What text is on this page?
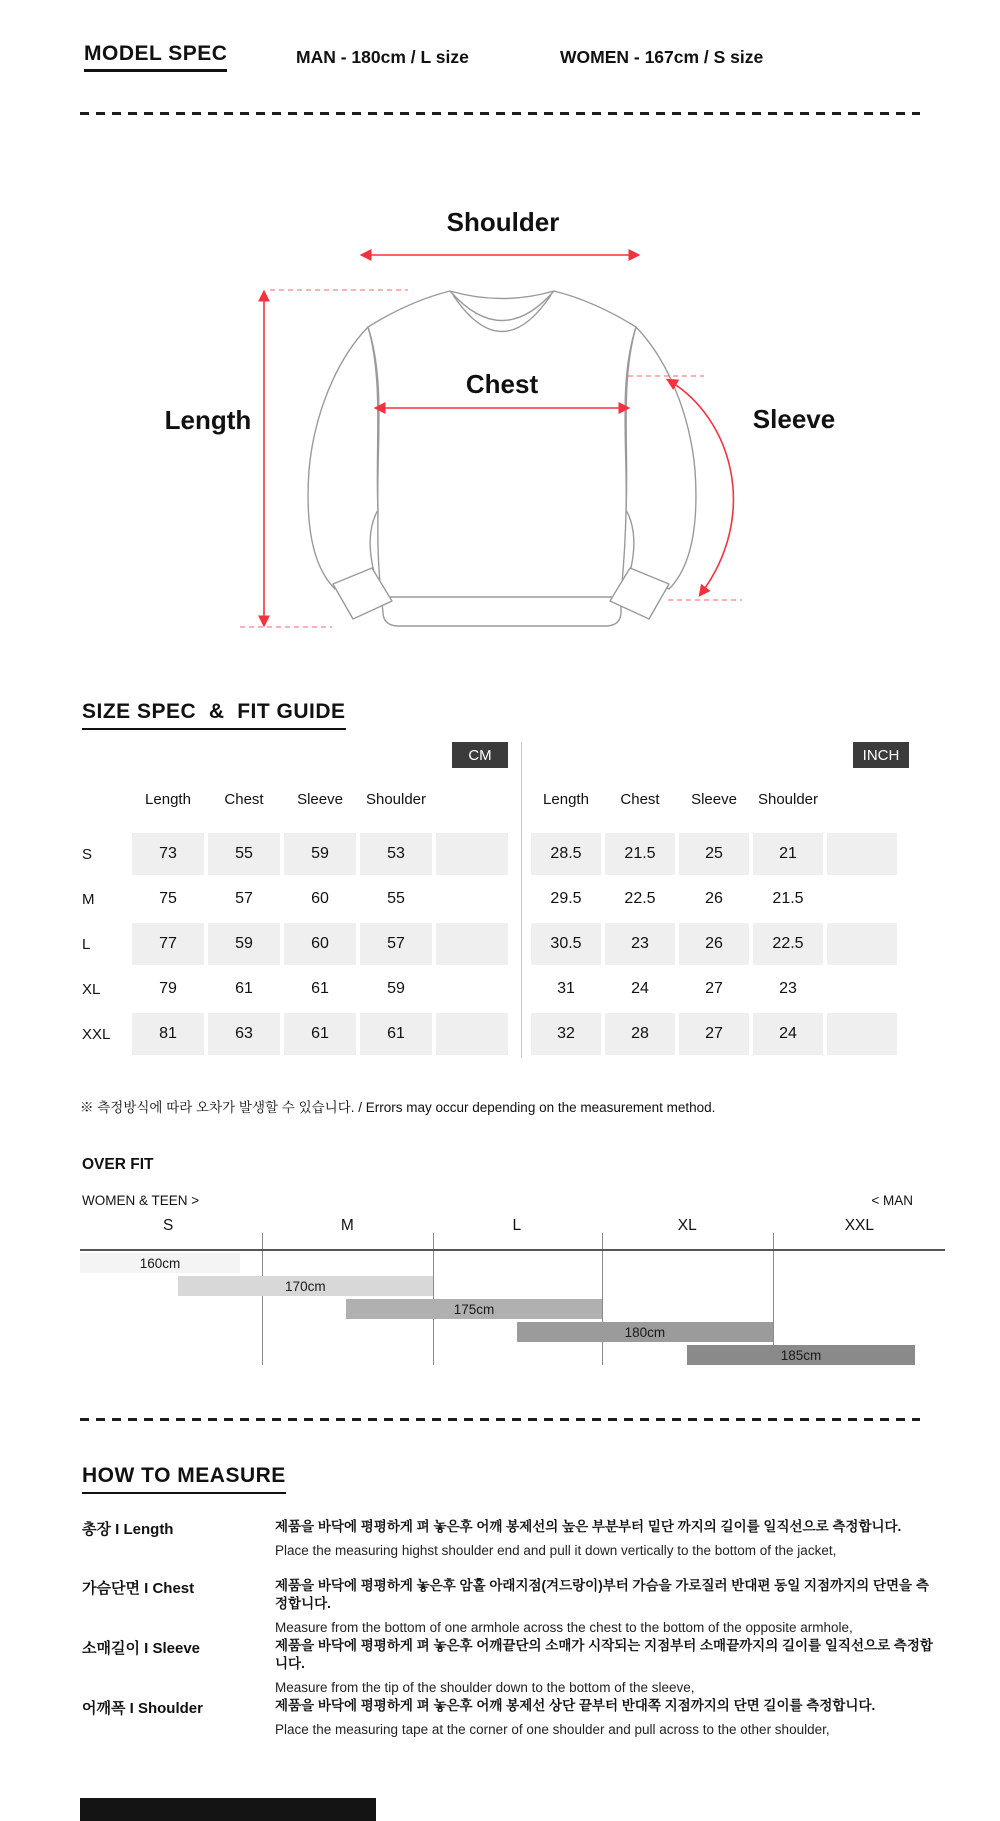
MODEL SPEC	MAN - 180cm / L size	WOMEN - 167cm / S size
Shoulder
Chest
Length	Sleeve
SIZE SPEC  &  FIT GUIDE
CM
Length	Chest	Sleeve	Shoulder
S	73	55	59	53
M	75	57	60	55
L	77	59	60	57
XL	79	61	61	59
XXL	81	63	61	61
INCH
Length	Chest	Sleeve	Shoulder
28.5	21.5	25	21
29.5	22.5	26	21.5
30.5	23	26	22.5
31	24	27	23
32	28	27	24
※ 측정방식에 따라 오차가 발생할 수 있습니다. / Errors may occur depending on the measurement method.
OVER FIT
WOMEN & TEEN >	< MAN
S	M	L	XL	XXL
160cm
170cm
175cm
180cm
185cm
HOW TO MEASURE
총장 I Length	제품을 바닥에 평평하게 펴 놓은후 어깨 봉제선의 높은 부분부터 밑단 까지의 길이를 일직선으로 측정합니다.
Place the measuring highst shoulder end and pull it down vertically to the bottom of the jacket,
가슴단면 I Chest	제품을 바닥에 평평하게 놓은후 암홀 아래지점(겨드랑이)부터 가슴을 가로질러 반대편 동일 지점까지의 단면을 측정합니다.
Measure from the bottom of one armhole across the chest to the bottom of the opposite armhole,
소매길이 I Sleeve	제품을 바닥에 평평하게 펴 놓은후 어깨끝단의 소매가 시작되는 지점부터 소매끝까지의 길이를 일직선으로 측정합니다.
Measure from the tip of the shoulder down to the bottom of the sleeve,
어깨폭 I Shoulder	제품을 바닥에 평평하게 펴 놓은후 어깨 봉제선 상단 끝부터 반대쪽 지점까지의 단면 길이를 측정합니다.
Place the measuring tape at the corner of one shoulder and pull across to the other shoulder,
